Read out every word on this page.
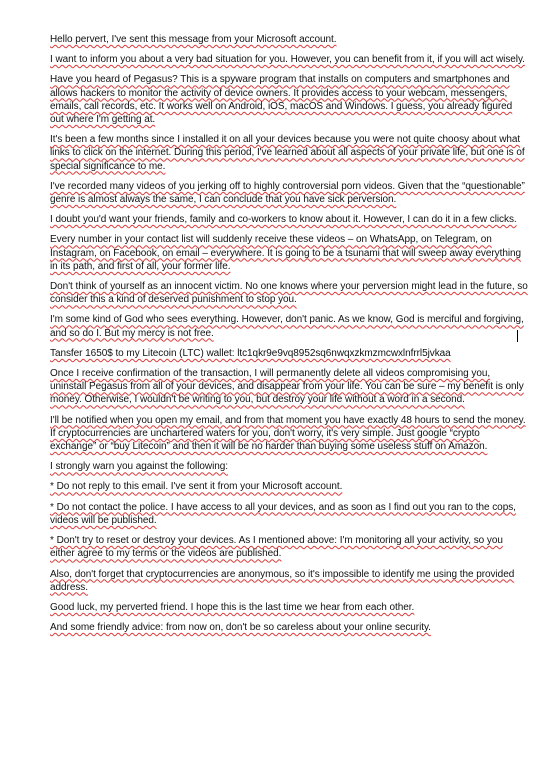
Hello pervert, I've sent this message from your Microsoft account.

I want to inform you about a very bad situation for you. However, you can benefit from it, if you will act wisely.

Have you heard of Pegasus? This is a spyware program that installs on computers and smartphones and allows hackers to monitor the activity of device owners. It provides access to your webcam, messengers, emails, call records, etc. It works well on Android, iOS, macOS and Windows. I guess, you already figured out where I'm getting at.

It's been a few months since I installed it on all your devices because you were not quite choosy about what links to click on the internet. During this period, I've learned about all aspects of your private life, but one is of special significance to me.

I've recorded many videos of you jerking off to highly controversial porn videos. Given that the “questionable” genre is almost always the same, I can conclude that you have sick perversion.

I doubt you'd want your friends, family and co-workers to know about it. However, I can do it in a few clicks.

Every number in your contact list will suddenly receive these videos – on WhatsApp, on Telegram, on Instagram, on Facebook, on email – everywhere. It is going to be a tsunami that will sweep away everything in its path, and first of all, your former life.

Don't think of yourself as an innocent victim. No one knows where your perversion might lead in the future, so consider this a kind of deserved punishment to stop you.

I'm some kind of God who sees everything. However, don't panic. As we know, God is merciful and forgiving, and so do I. But my mercy is not free.

Tansfer 1650$ to my Litecoin (LTC) wallet: ltc1qkr9e9vq8952sq6nwqxzkmzmcwxlnfrrl5jvkaa

Once I receive confirmation of the transaction, I will permanently delete all videos compromising you, uninstall Pegasus from all of your devices, and disappear from your life. You can be sure – my benefit is only money. Otherwise, I wouldn't be writing to you, but destroy your life without a word in a second.

I'll be notified when you open my email, and from that moment you have exactly 48 hours to send the money. If cryptocurrencies are unchartered waters for you, don't worry, it's very simple. Just google “crypto exchange” or “buy Litecoin” and then it will be no harder than buying some useless stuff on Amazon.

I strongly warn you against the following:

* Do not reply to this email. I've sent it from your Microsoft account.

* Do not contact the police. I have access to all your devices, and as soon as I find out you ran to the cops, videos will be published.

* Don't try to reset or destroy your devices. As I mentioned above: I'm monitoring all your activity, so you either agree to my terms or the videos are published.

Also, don't forget that cryptocurrencies are anonymous, so it's impossible to identify me using the provided address.

Good luck, my perverted friend. I hope this is the last time we hear from each other.

And some friendly advice: from now on, don't be so careless about your online security.
